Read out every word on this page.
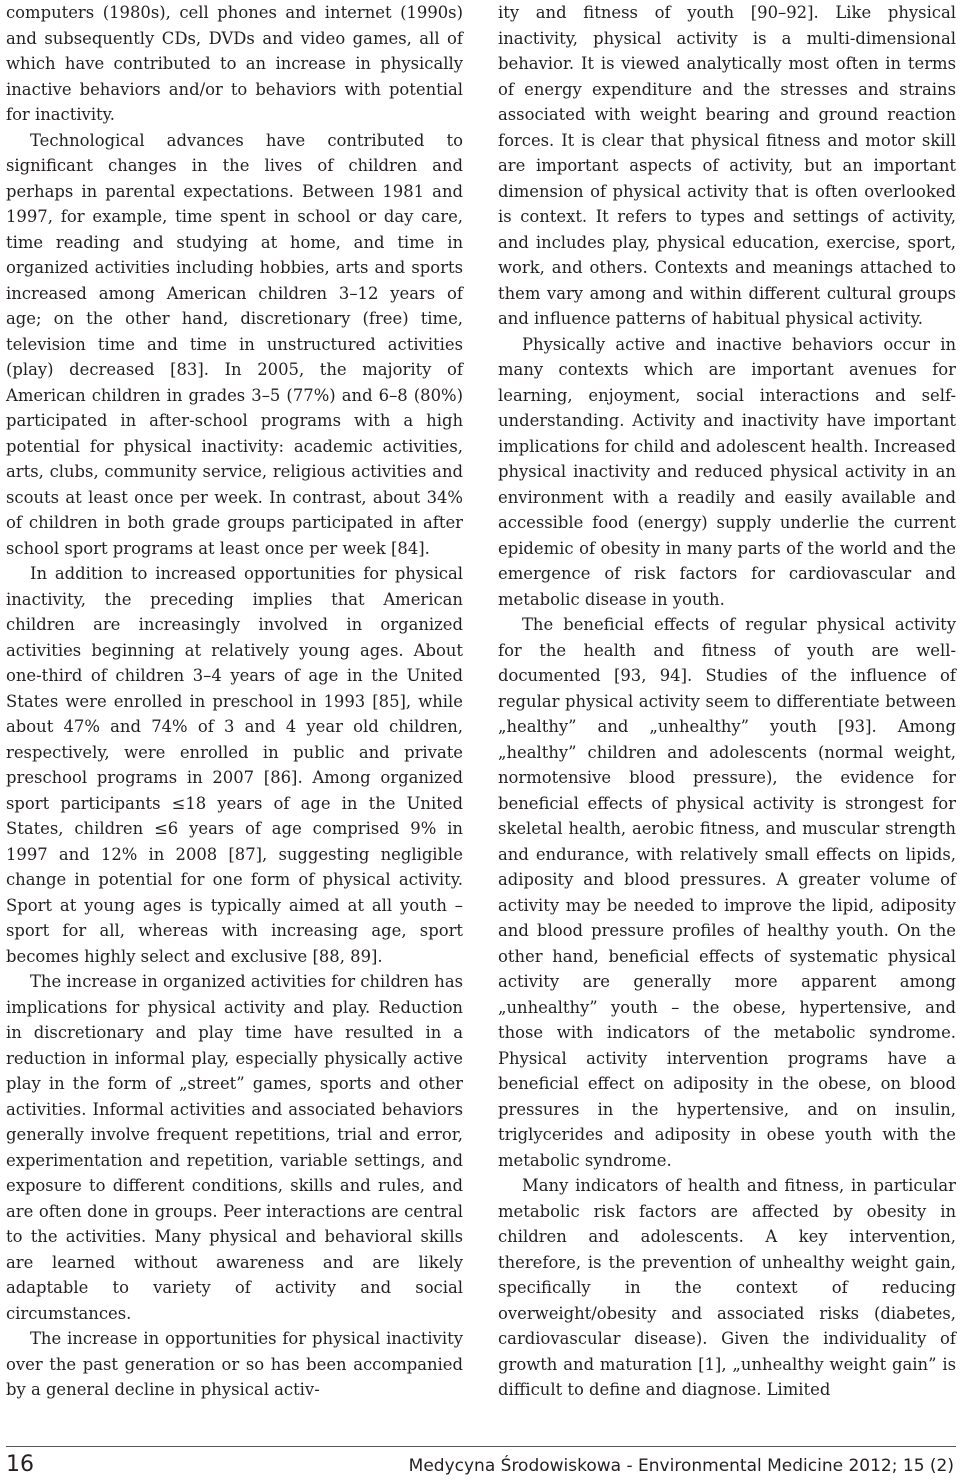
computers (1980s), cell phones and internet (1990s) and subsequently CDs, DVDs and video games, all of which have contributed to an increase in physically inactive behaviors and/or to behaviors with potential for inactivity.

Technological advances have contributed to significant changes in the lives of children and perhaps in parental expectations. Between 1981 and 1997, for example, time spent in school or day care, time reading and studying at home, and time in organized activities including hobbies, arts and sports increased among American children 3–12 years of age; on the other hand, discretionary (free) time, television time and time in unstructured activities (play) decreased [83]. In 2005, the majority of American children in grades 3–5 (77%) and 6–8 (80%) participated in after-school programs with a high potential for physical inactivity: academic activities, arts, clubs, community service, religious activities and scouts at least once per week. In contrast, about 34% of children in both grade groups participated in after school sport programs at least once per week [84].

In addition to increased opportunities for physical inactivity, the preceding implies that American children are increasingly involved in organized activities beginning at relatively young ages. About one-third of children 3–4 years of age in the United States were enrolled in preschool in 1993 [85], while about 47% and 74% of 3 and 4 year old children, respectively, were enrolled in public and private preschool programs in 2007 [86]. Among organized sport participants ≤18 years of age in the United States, children ≤6 years of age comprised 9% in 1997 and 12% in 2008 [87], suggesting negligible change in potential for one form of physical activity. Sport at young ages is typically aimed at all youth – sport for all, whereas with increasing age, sport becomes highly select and exclusive [88, 89].

The increase in organized activities for children has implications for physical activity and play. Reduction in discretionary and play time have resulted in a reduction in informal play, especially physically active play in the form of „street” games, sports and other activities. Informal activities and associated behaviors generally involve frequent repetitions, trial and error, experimentation and repetition, variable settings, and exposure to different conditions, skills and rules, and are often done in groups. Peer interactions are central to the activities. Many physical and behavioral skills are learned without awareness and are likely adaptable to variety of activity and social circumstances.

The increase in opportunities for physical inactivity over the past generation or so has been accompanied by a general decline in physical activ-

ity and fitness of youth [90–92]. Like physical inactivity, physical activity is a multi-dimensional behavior. It is viewed analytically most often in terms of energy expenditure and the stresses and strains associated with weight bearing and ground reaction forces. It is clear that physical fitness and motor skill are important aspects of activity, but an important dimension of physical activity that is often overlooked is context. It refers to types and settings of activity, and includes play, physical education, exercise, sport, work, and others. Contexts and meanings attached to them vary among and within different cultural groups and influence patterns of habitual physical activity.

Physically active and inactive behaviors occur in many contexts which are important avenues for learning, enjoyment, social interactions and self-understanding. Activity and inactivity have important implications for child and adolescent health. Increased physical inactivity and reduced physical activity in an environment with a readily and easily available and accessible food (energy) supply underlie the current epidemic of obesity in many parts of the world and the emergence of risk factors for cardiovascular and metabolic disease in youth.

The beneficial effects of regular physical activity for the health and fitness of youth are well-documented [93, 94]. Studies of the influence of regular physical activity seem to differentiate between „healthy” and „unhealthy” youth [93]. Among „healthy” children and adolescents (normal weight, normotensive blood pressure), the evidence for beneficial effects of physical activity is strongest for skeletal health, aerobic fitness, and muscular strength and endurance, with relatively small effects on lipids, adiposity and blood pressures. A greater volume of activity may be needed to improve the lipid, adiposity and blood pressure profiles of healthy youth. On the other hand, beneficial effects of systematic physical activity are generally more apparent among „unhealthy” youth – the obese, hypertensive, and those with indicators of the metabolic syndrome. Physical activity intervention programs have a beneficial effect on adiposity in the obese, on blood pressures in the hypertensive, and on insulin, triglycerides and adiposity in obese youth with the metabolic syndrome.

Many indicators of health and fitness, in particular metabolic risk factors are affected by obesity in children and adolescents. A key intervention, therefore, is the prevention of unhealthy weight gain, specifically in the context of reducing overweight/obesity and associated risks (diabetes, cardiovascular disease). Given the individuality of growth and maturation [1], „unhealthy weight gain” is difficult to define and diagnose. Limited

16	Medycyna Środowiskowa - Environmental Medicine 2012; 15 (2)
